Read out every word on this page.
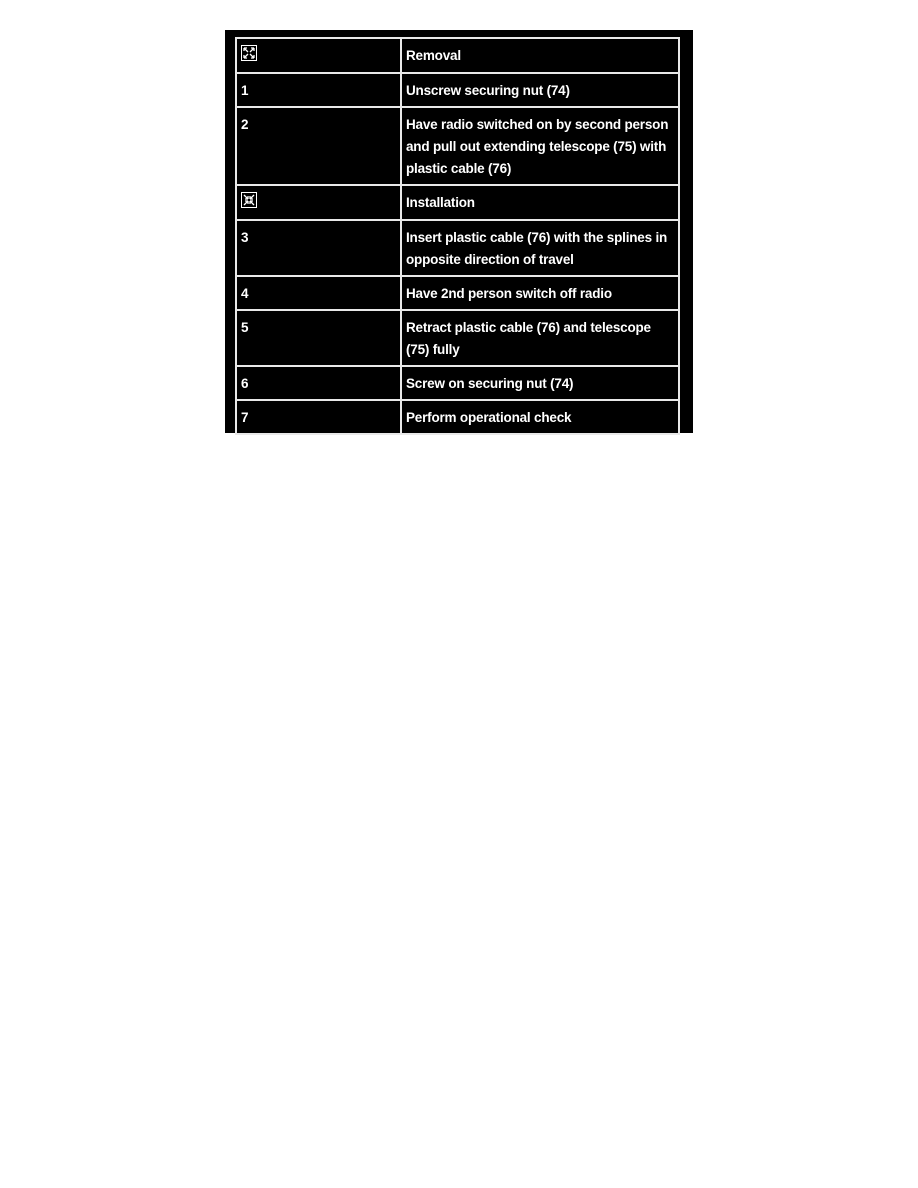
	Removal
1	Unscrew securing nut (74)
2	Have radio switched on by second person and pull out extending telescope (75) with plastic cable (76)

	Installation
3	Insert plastic cable (76) with the splines in opposite direction of travel
4	Have 2nd person switch off radio
5	Retract plastic cable (76) and telescope (75) fully
6	Screw on securing nut (74)
7	Perform operational check
